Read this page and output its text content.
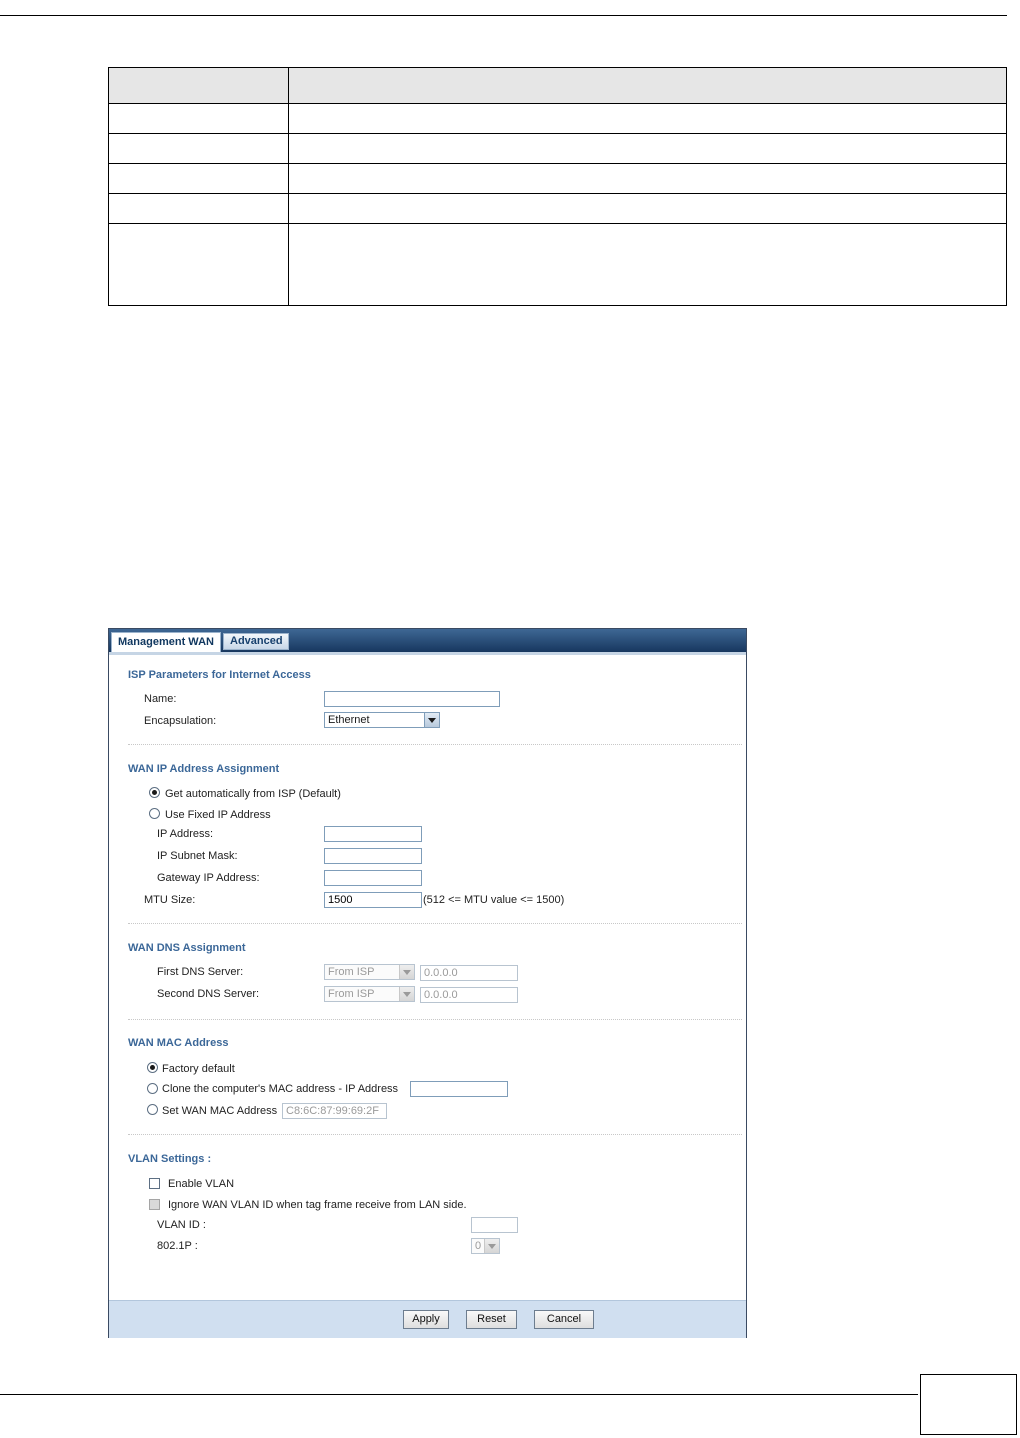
Management WAN	Advanced
ISP Parameters for Internet Access
Name:
Encapsulation:	Ethernet
WAN IP Address Assignment
Get automatically from ISP (Default)
Use Fixed IP Address
IP Address:
IP Subnet Mask:
Gateway IP Address:
MTU Size:	1500	(512 <= MTU value <= 1500)
WAN DNS Assignment
First DNS Server:	From ISP	0.0.0.0
Second DNS Server:	From ISP	0.0.0.0
WAN MAC Address
Factory default
Clone the computer's MAC address - IP Address
Set WAN MAC Address C8:6C:87:99:69:2F
VLAN Settings :
Enable VLAN
Ignore WAN VLAN ID when tag frame receive from LAN side.
VLAN ID :
802.1P :	0
Apply	Reset	Cancel
